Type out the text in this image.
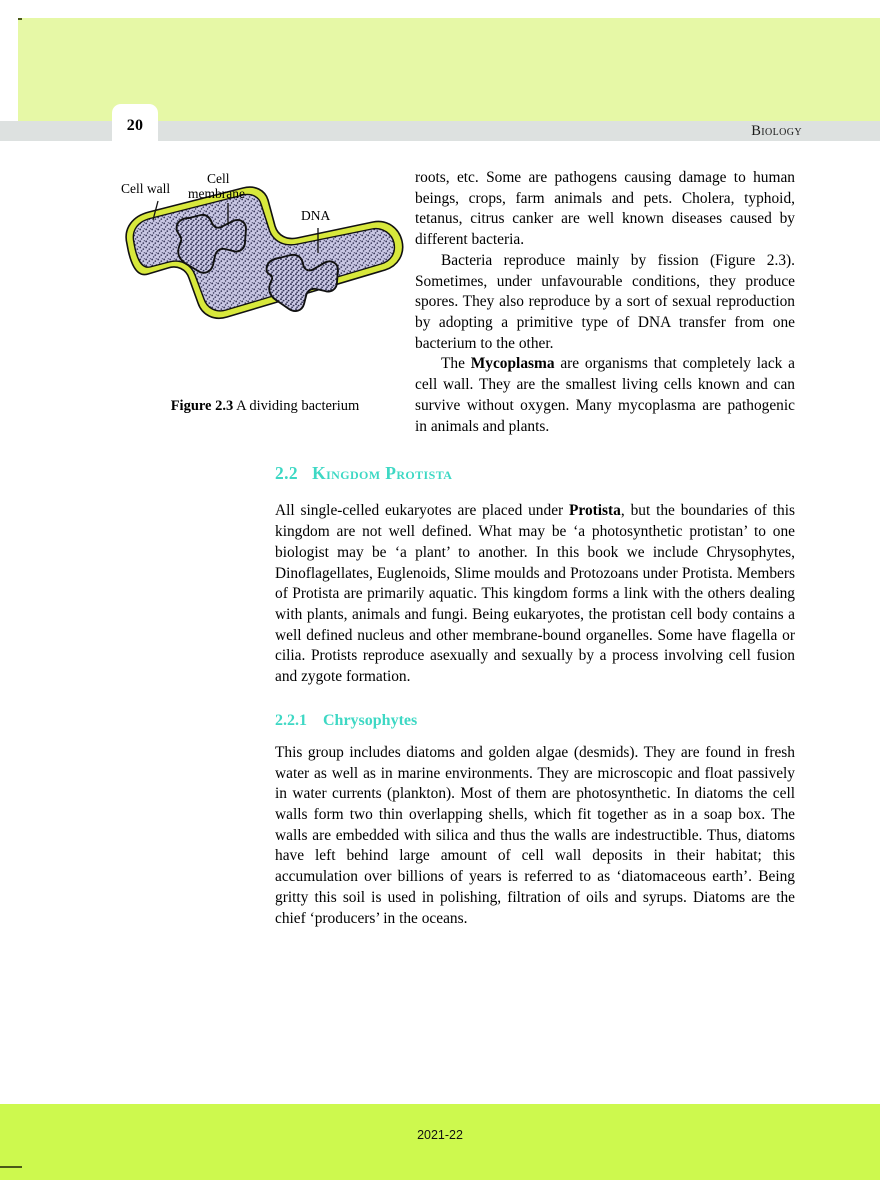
20	Biology
Cell wall
Cell
membrane
DNA
Figure 2.3 A dividing bacterium

roots, etc. Some are pathogens causing damage to human beings, crops, farm animals and pets. Cholera, typhoid, tetanus, citrus canker are well known diseases caused by different bacteria.

Bacteria reproduce mainly by fission (Figure 2.3). Sometimes, under unfavourable conditions, they produce spores. They also reproduce by a sort of sexual reproduction by adopting a primitive type of DNA transfer from one bacterium to the other.

The Mycoplasma are organisms that completely lack a cell wall. They are the smallest living cells known and can survive without oxygen. Many mycoplasma are pathogenic in animals and plants.

2.2 Kingdom Protista

All single-celled eukaryotes are placed under Protista, but the boundaries of this kingdom are not well defined. What may be ‘a photosynthetic protistan’ to one biologist may be ‘a plant’ to another. In this book we include Chrysophytes, Dinoflagellates, Euglenoids, Slime moulds and Protozoans under Protista. Members of Protista are primarily aquatic. This kingdom forms a link with the others dealing with plants, animals and fungi. Being eukaryotes, the protistan cell body contains a well defined nucleus and other membrane-bound organelles. Some have flagella or cilia. Protists reproduce asexually and sexually by a process involving cell fusion and zygote formation.

2.2.1 Chrysophytes

This group includes diatoms and golden algae (desmids). They are found in fresh water as well as in marine environments. They are microscopic and float passively in water currents (plankton). Most of them are photosynthetic. In diatoms the cell walls form two thin overlapping shells, which fit together as in a soap box. The walls are embedded with silica and thus the walls are indestructible. Thus, diatoms have left behind large amount of cell wall deposits in their habitat; this accumulation over billions of years is referred to as ‘diatomaceous earth’. Being gritty this soil is used in polishing, filtration of oils and syrups. Diatoms are the chief ‘producers’ in the oceans.

2021-22
